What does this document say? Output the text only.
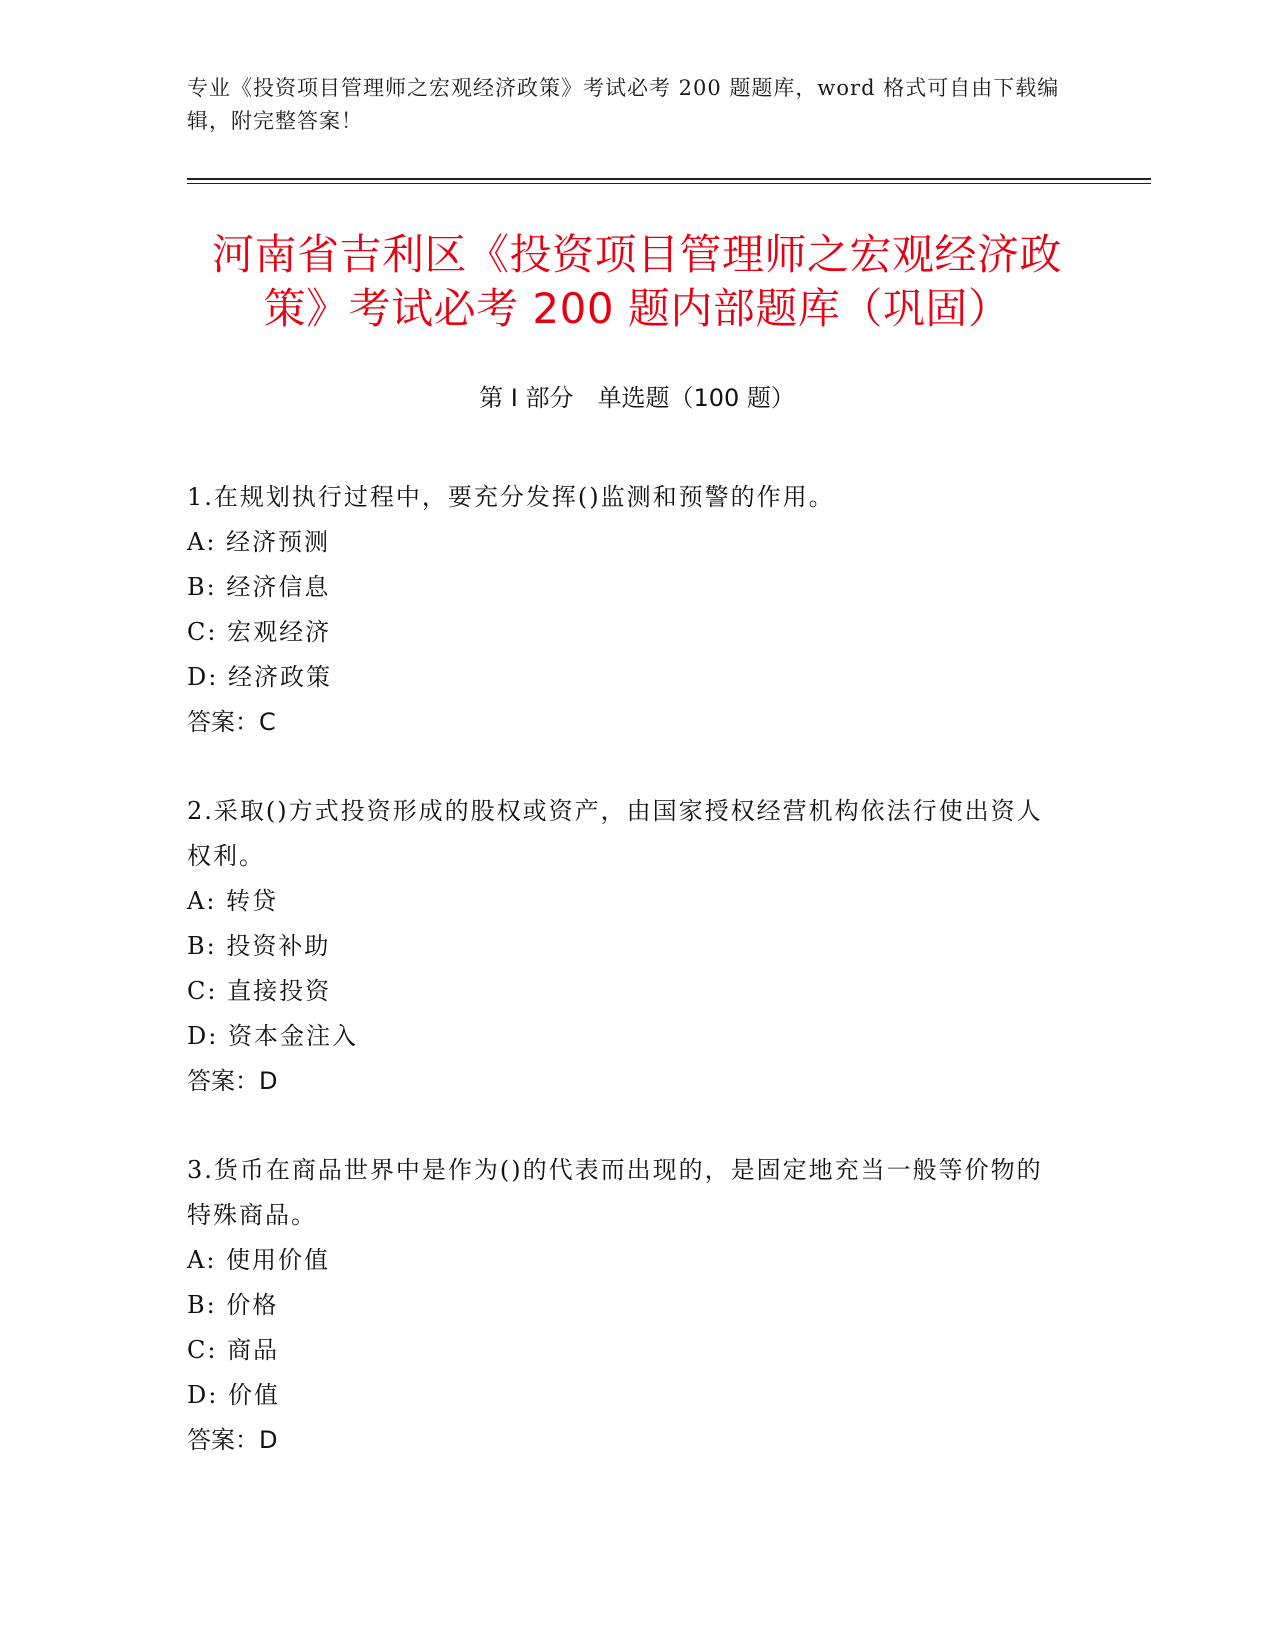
专业《投资项目管理师之宏观经济政策》考试必考 200 题题库，word 格式可自由下载编辑，附完整答案！
河南省吉利区《投资项目管理师之宏观经济政策》考试必考 200 题内部题库（巩固）
第 I 部分　单选题（100 题）

1.在规划执行过程中，要充分发挥()监测和预警的作用。

A: 经济预测

B: 经济信息

C: 宏观经济

D: 经济政策

答案：C

2.采取()方式投资形成的股权或资产，由国家授权经营机构依法行使出资人权利。

A: 转贷

B: 投资补助

C: 直接投资

D: 资本金注入

答案：D

3.货币在商品世界中是作为()的代表而出现的，是固定地充当一般等价物的特殊商品。

A: 使用价值

B: 价格

C: 商品

D: 价值

答案：D
